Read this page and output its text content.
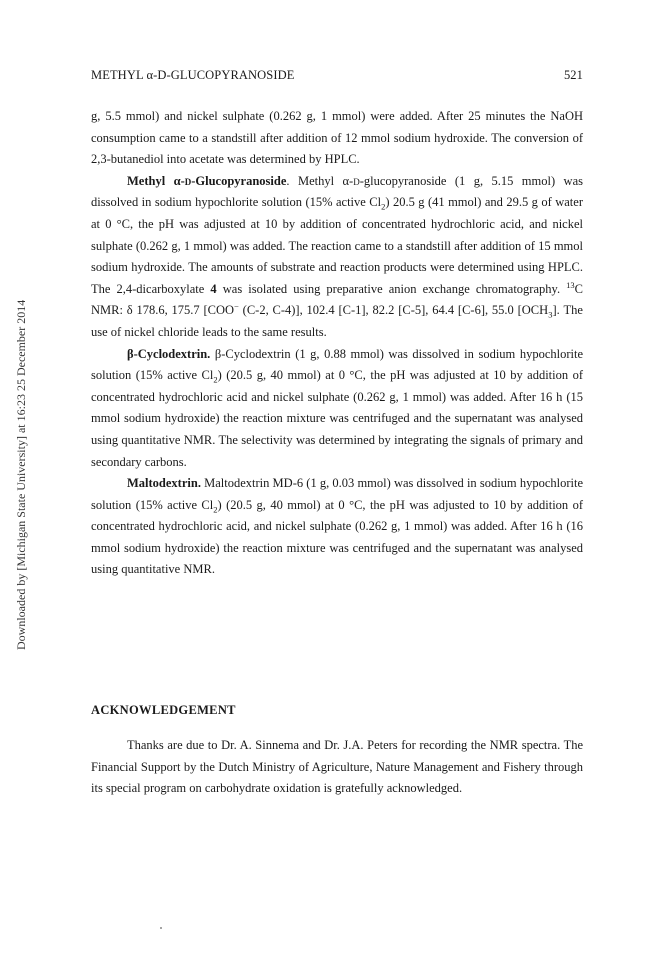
METHYL α-D-GLUCOPYRANOSIDE	521
Downloaded by [Michigan State University] at 16:23 25 December 2014

g, 5.5 mmol) and nickel sulphate (0.262 g, 1 mmol) were added. After 25 minutes the NaOH consumption came to a standstill after addition of 12 mmol sodium hydroxide. The conversion of 2,3-butanediol into acetate was determined by HPLC.

Methyl α-d-Glucopyranoside. Methyl α-d-glucopyranoside (1 g, 5.15 mmol) was dissolved in sodium hypochlorite solution (15% active $Cl_2$) 20.5 g (41 mmol) and 29.5 g of water at 0 °C, the pH was adjusted at 10 by addition of concentrated hydrochloric acid, and nickel sulphate (0.262 g, 1 mmol) was added. The reaction came to a standstill after addition of 15 mmol sodium hydroxide. The amounts of substrate and reaction products were determined using HPLC. The 2,4-dicarboxylate 4 was isolated using preparative anion exchange chromatography. $^{13}$C NMR: δ 178.6, 175.7 [COO− (C-2, C-4)], 102.4 [C-1], 82.2 [C-5], 64.4 [C-6], 55.0 $[OCH_3]$. The use of nickel chloride leads to the same results.

β-Cyclodextrin. β-Cyclodextrin (1 g, 0.88 mmol) was dissolved in sodium hypochlorite solution (15% active $Cl_2$) (20.5 g, 40 mmol) at 0 °C, the pH was adjusted at 10 by addition of concentrated hydrochloric acid and nickel sulphate (0.262 g, 1 mmol) was added. After 16 h (15 mmol sodium hydroxide) the reaction mixture was centrifuged and the supernatant was analysed using quantitative NMR. The selectivity was determined by integrating the signals of primary and secondary carbons.

Maltodextrin. Maltodextrin MD-6 (1 g, 0.03 mmol) was dissolved in sodium hypochlorite solution (15% active $Cl_2$) (20.5 g, 40 mmol) at 0 °C, the pH was adjusted to 10 by addition of concentrated hydrochloric acid, and nickel sulphate (0.262 g, 1 mmol) was added. After 16 h (16 mmol sodium hydroxide) the reaction mixture was centrifuged and the supernatant was analysed using quantitative NMR.

ACKNOWLEDGEMENT

Thanks are due to Dr. A. Sinnema and Dr. J.A. Peters for recording the NMR spectra. The Financial Support by the Dutch Ministry of Agriculture, Nature Management and Fishery through its special program on carbohydrate oxidation is gratefully acknowledged.
